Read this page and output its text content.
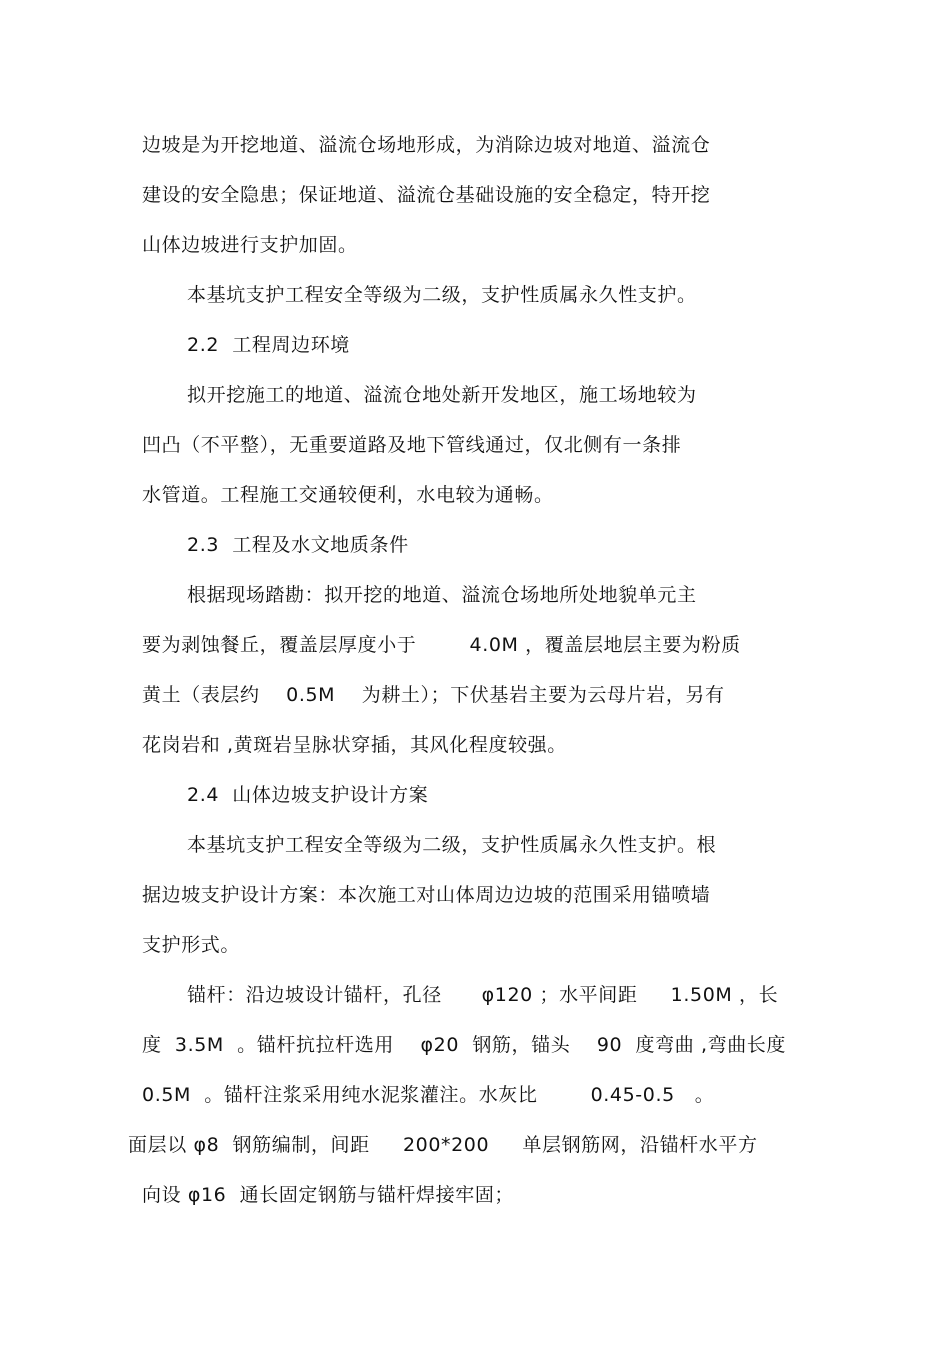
边坡是为开挖地道、溢流仓场地形成，为消除边坡对地道、溢流仓
建设的安全隐患；保证地道、溢流仓基础设施的安全稳定，特开挖
山体边坡进行支护加固。
本基坑支护工程安全等级为二级，支护性质属永久性支护。
2.2  工程周边环境
拟开挖施工的地道、溢流仓地处新开发地区，施工场地较为
凹凸（不平整），无重要道路及地下管线通过，仅北侧有一条排
水管道。工程施工交通较便利，水电较为通畅。
2.3  工程及水文地质条件
根据现场踏勘：拟开挖的地道、溢流仓场地所处地貌单元主
要为剥蚀餐丘，覆盖层厚度小于        4.0M ，覆盖层地层主要为粉质
黄土（表层约    0.5M    为耕土）；下伏基岩主要为云母片岩，另有
花岗岩和 ,黄斑岩呈脉状穿插，其风化程度较强。
2.4  山体边坡支护设计方案
本基坑支护工程安全等级为二级，支护性质属永久性支护。根
据边坡支护设计方案：本次施工对山体周边边坡的范围采用锚喷墙
支护形式。
锚杆：沿边坡设计锚杆，孔径      φ120 ；水平间距     1.50M ，长
度  3.5M  。锚杆抗拉杆选用    φ20  钢筋，锚头    90  度弯曲 ,弯曲长度
0.5M  。锚杆注浆采用纯水泥浆灌注。水灰比        0.45-0.5   。
面层以 φ8  钢筋编制，间距     200*200     单层钢筋网，沿锚杆水平方
向设 φ16  通长固定钢筋与锚杆焊接牢固；
